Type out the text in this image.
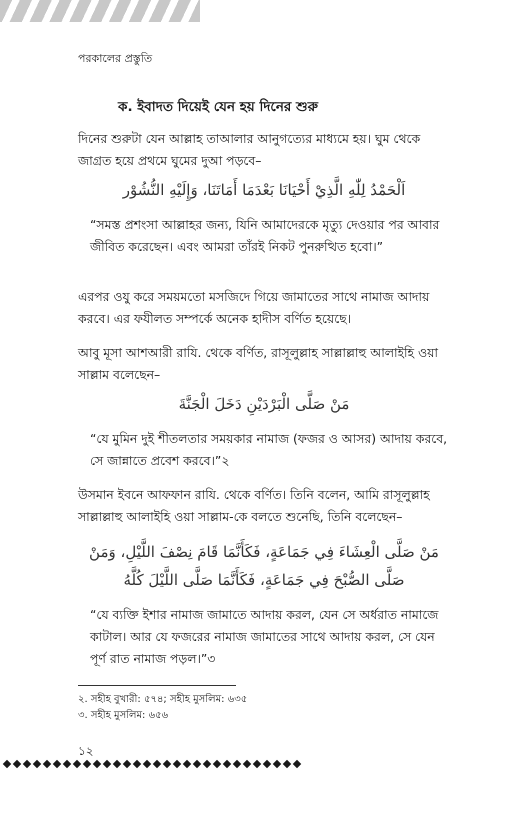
পরকালের প্রস্তুতি
ক. ইবাদত দিয়েই যেন হয় দিনের শুরু

দিনের শুরুটা যেন আল্লাহ তাআলার আনুগত্যের মাধ্যমে হয়। ঘুম থেকে জাগ্রত হয়ে প্রথমে ঘুমের দুআ পড়বে–

اَلْحَمْدُ لِلّٰهِ الَّذِيْ أَحْيَانَا بَعْدَمَا أَمَاتَنَا، وَإِلَيْهِ النُّشُوْر

“সমস্ত প্রশংসা আল্লাহর জন্য, যিনি আমাদেরকে মৃত্যু দেওয়ার পর আবার জীবিত করেছেন। এবং আমরা তাঁরই নিকট পুনরুত্থিত হবো।”

এরপর ওযু করে সময়মতো মসজিদে গিয়ে জামাতের সাথে নামাজ আদায় করবে। এর ফযীলত সম্পর্কে অনেক হাদীস বর্ণিত হয়েছে।

আবু মূসা আশআরী রাযি. থেকে বর্ণিত, রাসূলুল্লাহ সাল্লাল্লাহু আলাইহি ওয়া সাল্লাম বলেছেন–

مَنْ صَلَّى الْبَرْدَيْنِ دَخَلَ الْجَنَّةَ

“যে মুমিন দুই শীতলতার সময়কার নামাজ (ফজর ও আসর) আদায় করবে, সে জান্নাতে প্রবেশ করবে।”২

উসমান ইবনে আফফান রাযি. থেকে বর্ণিত। তিনি বলেন, আমি রাসূলুল্লাহ সাল্লাল্লাহু আলাইহি ওয়া সাল্লাম-কে বলতে শুনেছি, তিনি বলেছেন–

مَنْ صَلَّى الْعِشَاءَ فِي جَمَاعَةٍ، فَكَأَنَّمَا قَامَ نِصْفَ اللَّيْلِ، وَمَنْ صَلَّى الصُّبْحَ فِي جَمَاعَةٍ، فَكَأَنَّمَا صَلَّى اللَّيْلَ كُلَّهُ

“যে ব্যক্তি ইশার নামাজ জামাতে আদায় করল, যেন সে অর্ধরাত নামাজে কাটাল। আর যে ফজরের নামাজ জামাতের সাথে আদায় করল, সে যেন পূর্ণ রাত নামাজ পড়ল।”৩

২. সহীহ বুখারী: ৫৭৪; সহীহ মুসলিম: ৬৩৫
৩. সহীহ মুসলিম: ৬৫৬
১২
